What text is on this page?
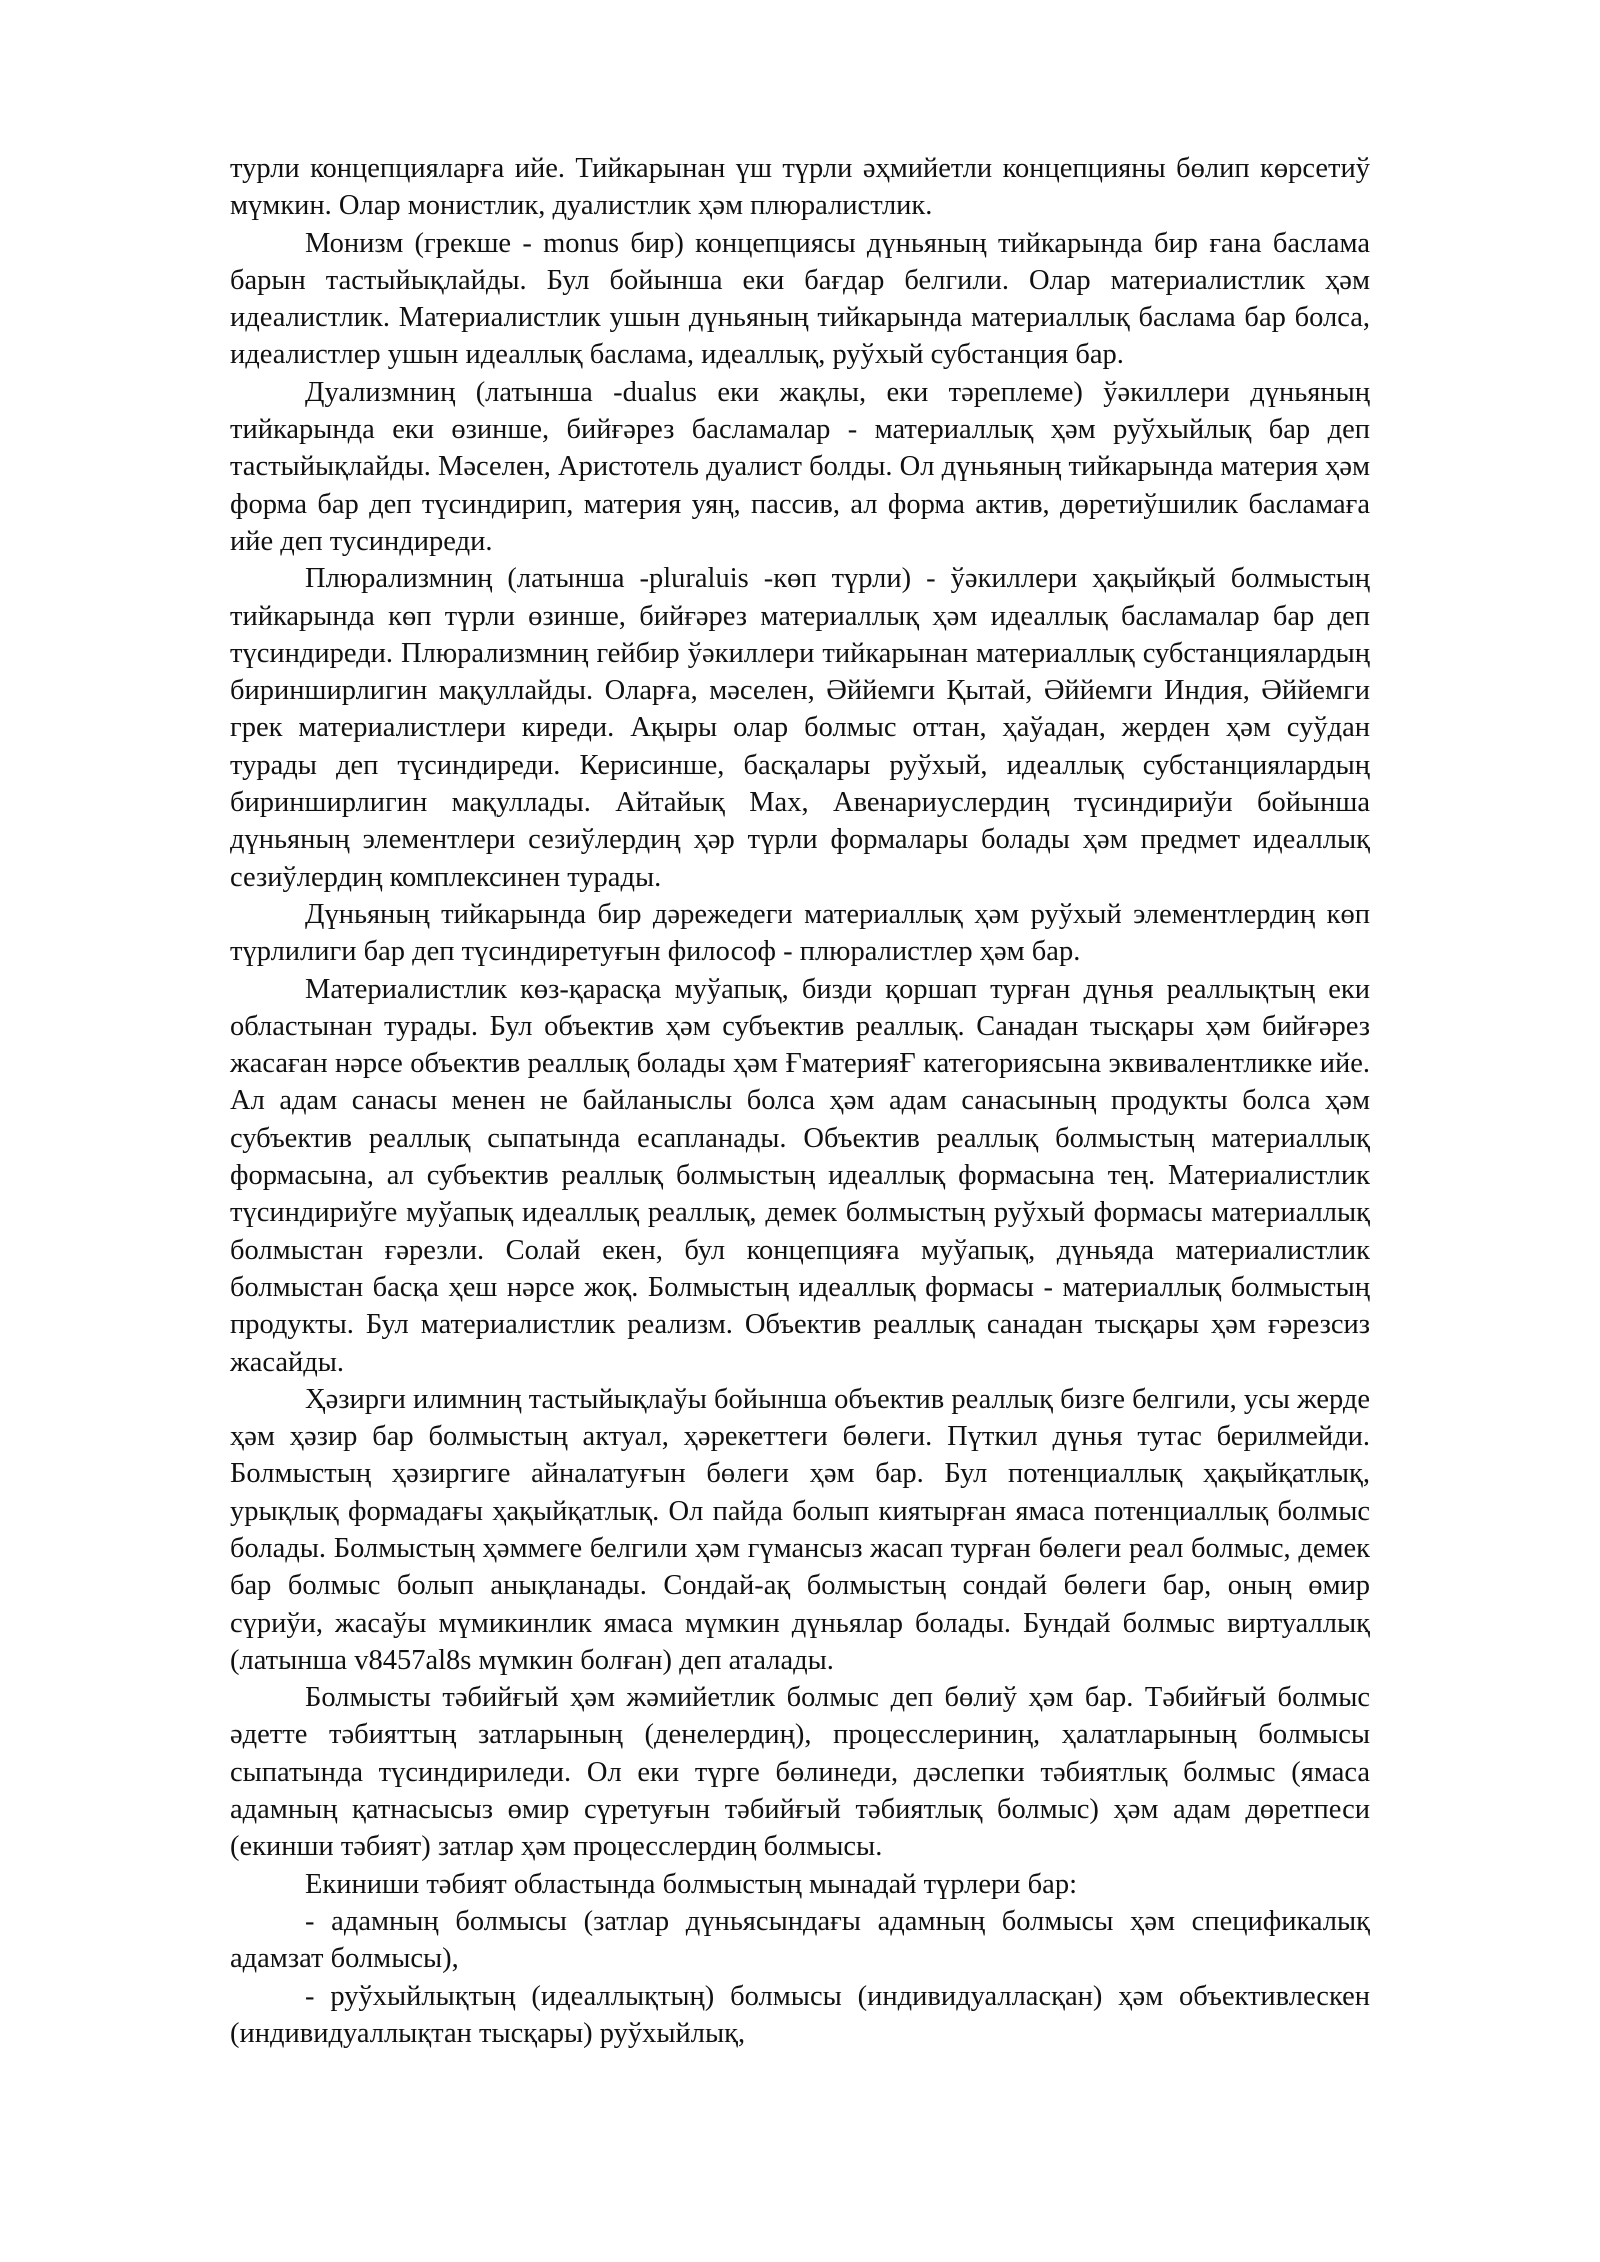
турли концепцияларға ийе. Тийкарынан үш түрли әҳмийетли концепцияны бөлип көрсетиў мүмкин. Олар монистлик, дуалистлик ҳәм плюралистлик.

Монизм (грекше - monus бир) концепциясы дүньяның тийкарында бир ғана баслама барын тастыйықлайды. Бул бойынша еки бағдар белгили. Олар материалистлик ҳәм идеалистлик. Материалистлик ушын дүньяның тийкарында материаллық баслама бар болса, идеалистлер ушын идеаллық баслама, идеаллық, руўхый субстанция бар.

Дуализмниң (латынша -dualus еки жақлы, еки тәреплеме) ўәкиллери дүньяның тийкарында еки өзинше, бийғәрез басламалар - материаллық ҳәм руўхыйлық бар деп тастыйықлайды. Мәселен, Аристотель дуалист болды. Ол дүньяның тийкарында материя ҳәм форма бар деп түсиндирип, материя уяң, пассив, ал форма актив, дөретиўшилик басламаға ийе деп тусиндиреди.

Плюрализмниң (латынша -pluraluis -көп түрли) - ўәкиллери ҳақыйқый болмыстың тийкарында көп түрли өзинше, бийғәрез материаллық ҳәм идеаллық басламалар бар деп түсиндиреди. Плюрализмниң гейбир ўәкиллери тийкарынан материаллық субстанциялардың биринширлигин мақуллайды. Оларға, мәселен, Әййемги Қытай, Әййемги Индия, Әййемги грек материалистлери киреди. Ақыры олар болмыс оттан, ҳаўадан, жерден ҳәм суўдан турады деп түсиндиреди. Керисинше, басқалары руўхый, идеаллық субстанциялардың биринширлигин мақуллады. Айтайық Мах, Авенариуслердиң түсиндириўи бойынша дүньяның элементлери сезиўлердиң ҳәр түрли формалары болады ҳәм предмет идеаллық сезиўлердиң комплексинен турады.

Дүньяның тийкарында бир дәрежедеги материаллық ҳәм руўхый элементлердиң көп түрлилиги бар деп түсиндиретуғын философ - плюралистлер ҳәм бар.

Материалистлик көз-қарасқа муўапық, бизди қоршап турған дүнья реаллықтың еки областынан турады. Бул объектив ҳәм субъектив реаллық. Санадан тысқары ҳәм бийғәрез жасаған нәрсе объектив реаллық болады ҳәм ҒматерияҒ категориясына эквивалентликке ийе. Ал адам санасы менен не байланыслы болса ҳәм адам санасының продукты болса ҳәм субъектив реаллық сыпатында есапланады. Объектив реаллық болмыстың материаллық формасына, ал субъектив реаллық болмыстың идеаллық формасына тең. Материалистлик түсиндириўге муўапық идеаллық реаллық, демек болмыстың руўхый формасы материаллық болмыстан ғәрезли. Солай екен, бул концепцияға муўапық, дүньяда материалистлик болмыстан басқа ҳеш нәрсе жоқ. Болмыстың идеаллық формасы - материаллық болмыстың продукты. Бул материалистлик реализм. Объектив реаллық санадан тысқары ҳәм ғәрезсиз жасайды.

Ҳәзирги илимниң тастыйықлаўы бойынша объектив реаллық бизге белгили, усы жерде ҳәм ҳәзир бар болмыстың актуал, ҳәрекеттеги бөлеги. Пүткил дүнья тутас берилмейди. Болмыстың ҳәзиргиге айналатуғын бөлеги ҳәм бар. Бул потенциаллық ҳақыйқатлық, урықлық формадағы ҳақыйқатлық. Ол пайда болып киятырған ямаса потенциаллық болмыс болады. Болмыстың ҳәммеге белгили ҳәм гүмансыз жасап турған бөлеги реал болмыс, демек бар болмыс болып анықланады. Сондай-ақ болмыстың сондай бөлеги бар, оның өмир сүриўи, жасаўы мүмикинлик ямаса мүмкин дүньялар болады. Бундай болмыс виртуаллық (латынша v8457al8s мүмкин болған) деп аталады.

Болмысты тәбийғый ҳәм жәмийетлик болмыс деп бөлиў ҳәм бар. Тәбийғый болмыс әдетте тәбияттың затларының (денелердиң), процесслериниң, ҳалатларының болмысы сыпатында түсиндириледи. Ол еки түрге бөлинеди, дәслепки тәбиятлық болмыс (ямаса адамның қатнасысыз өмир сүретуғын тәбийғый тәбиятлық болмыс) ҳәм адам дөретпеси (екинши тәбият) затлар ҳәм процесслердиң болмысы.

Екиниши тәбият областында болмыстың мынадай түрлери бар:

- адамның болмысы (затлар дүньясындағы адамның болмысы ҳәм спецификалық адамзат болмысы),

- руўхыйлықтың (идеаллықтың) болмысы (индивидуалласқан) ҳәм объективлескен (индивидуаллықтан тысқары) руўхыйлық,
